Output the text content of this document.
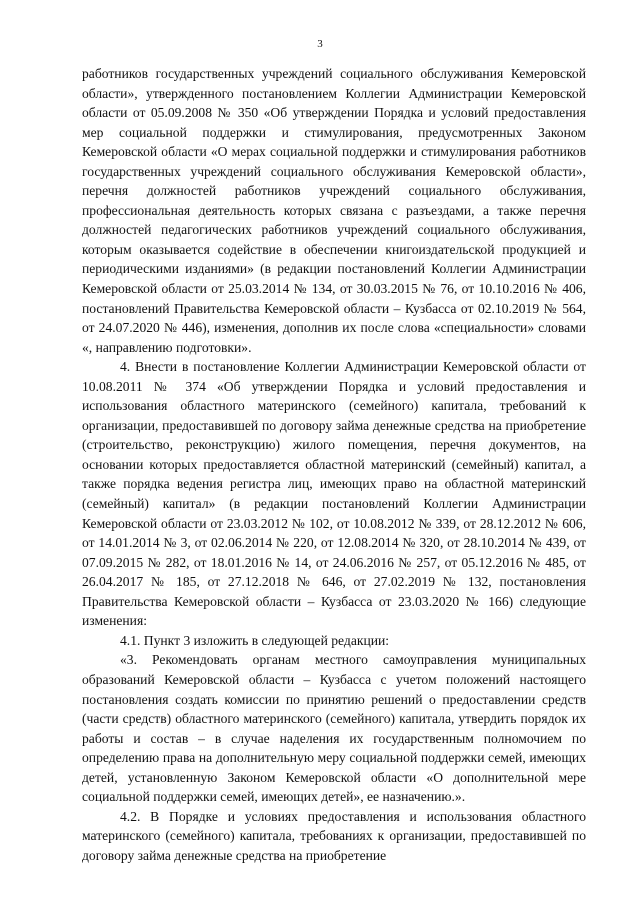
3

работников государственных учреждений социального обслуживания Кемеровской области», утвержденного постановлением Коллегии Администрации Кемеровской области от 05.09.2008 № 350 «Об утверждении Порядка и условий предоставления мер социальной поддержки и стимулирования, предусмотренных Законом Кемеровской области «О мерах социальной поддержки и стимулирования работников государственных учреждений социального обслуживания Кемеровской области», перечня должностей работников учреждений социального обслуживания, профессиональная деятельность которых связана с разъездами, а также перечня должностей педагогических работников учреждений социального обслуживания, которым оказывается содействие в обеспечении книгоиздательской продукцией и периодическими изданиями» (в редакции постановлений Коллегии Администрации Кемеровской области от 25.03.2014 № 134, от 30.03.2015 № 76, от 10.10.2016 № 406, постановлений Правительства Кемеровской области – Кузбасса от 02.10.2019 № 564, от 24.07.2020 № 446), изменения, дополнив их после слова «специальности» словами «, направлению подготовки».

4. Внести в постановление Коллегии Администрации Кемеровской области от 10.08.2011 № 374 «Об утверждении Порядка и условий предоставления и использования областного материнского (семейного) капитала, требований к организации, предоставившей по договору займа денежные средства на приобретение (строительство, реконструкцию) жилого помещения, перечня документов, на основании которых предоставляется областной материнский (семейный) капитал, а также порядка ведения регистра лиц, имеющих право на областной материнский (семейный) капитал» (в редакции постановлений Коллегии Администрации Кемеровской области от 23.03.2012 № 102, от 10.08.2012 № 339, от 28.12.2012 № 606, от 14.01.2014 № 3, от 02.06.2014 № 220, от 12.08.2014 № 320, от 28.10.2014 № 439, от 07.09.2015 № 282, от 18.01.2016 № 14, от 24.06.2016 № 257, от 05.12.2016 № 485, от 26.04.2017 № 185, от 27.12.2018 № 646, от 27.02.2019 № 132, постановления Правительства Кемеровской области – Кузбасса от 23.03.2020 № 166) следующие изменения:

4.1. Пункт 3 изложить в следующей редакции:

«3. Рекомендовать органам местного самоуправления муниципальных образований Кемеровской области – Кузбасса с учетом положений настоящего постановления создать комиссии по принятию решений о предоставлении средств (части средств) областного материнского (семейного) капитала, утвердить порядок их работы и состав – в случае наделения их государственным полномочием по определению права на дополнительную меру социальной поддержки семей, имеющих детей, установленную Законом Кемеровской области «О дополнительной мере социальной поддержки семей, имеющих детей», ее назначению.».

4.2. В Порядке и условиях предоставления и использования областного материнского (семейного) капитала, требованиях к организации, предоставившей по договору займа денежные средства на приобретение
